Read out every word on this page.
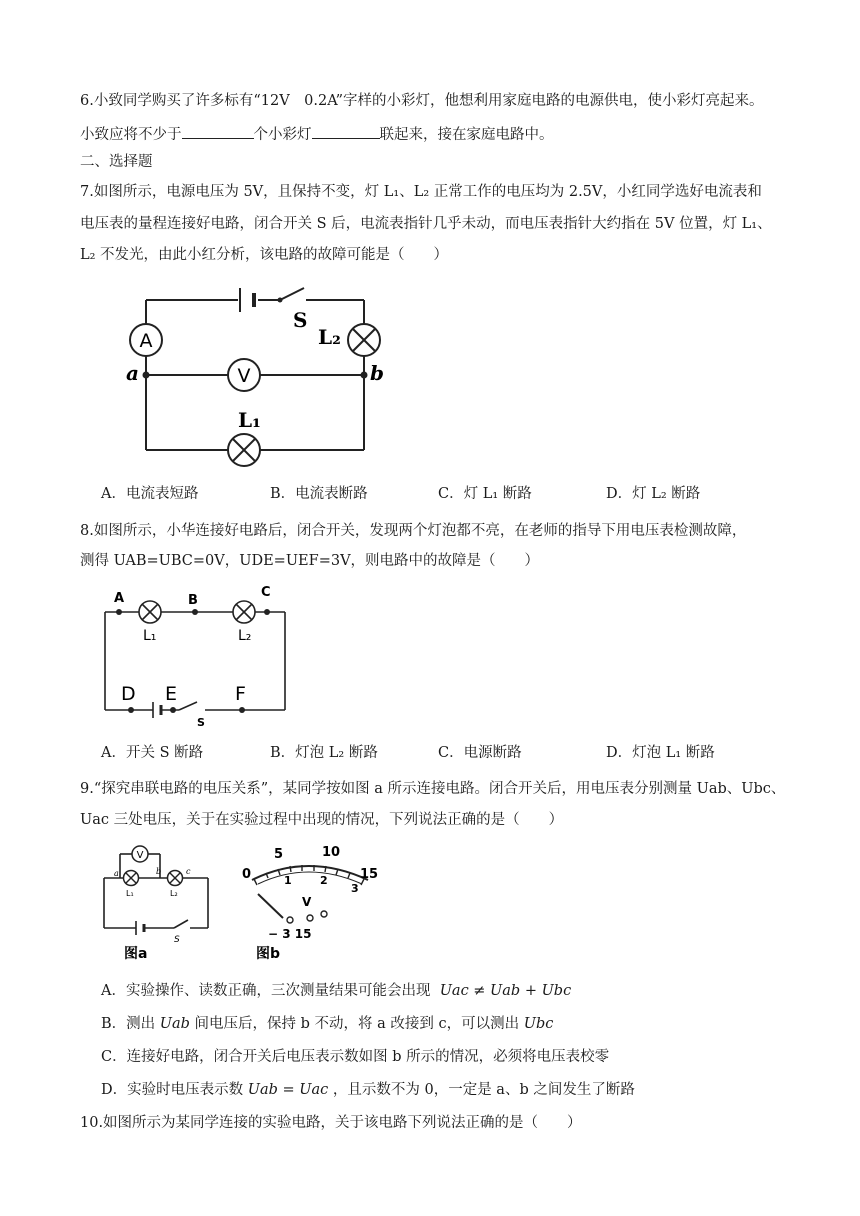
6.小致同学购买了许多标有“12V　0.2A”字样的小彩灯，他想利用家庭电路的电源供电，使小彩灯亮起来。
小致应将不少于	个小彩灯	联起来，接在家庭电路中。
二、选择题
7.如图所示，电源电压为 5V，且保持不变，灯 L₁、L₂ 正常工作的电压均为 2.5V，小红同学选好电流表和
电压表的量程连接好电路，闭合开关 S 后，电流表指针几乎未动，而电压表指针大约指在 5V 位置，灯 L₁、
L₂ 不发光，由此小红分析，该电路的故障可能是（　　）
A
V
S
L₂
L₁
a	b
A．电流表短路	B．电流表断路	C．灯 L₁ 断路	D．灯 L₂ 断路
8.如图所示，小华连接好电路后，闭合开关，发现两个灯泡都不亮，在老师的指导下用电压表检测故障，
测得 UAB=UBC=0V，UDE=UEF=3V，则电路中的故障是（　　）
A	B
C
L₁	L₂
D E	F
S
A．开关 S 断路	B．灯泡 L₂ 断路	C．电源断路	D．灯泡 L₁ 断路
9.“探究串联电路的电压关系”，某同学按如图 a 所示连接电路。闭合开关后，用电压表分别测量 Uab、Ubc、
Uac 三处电压，关于在实验过程中出现的情况，下列说法正确的是（　　）
V
a	b	c
L₁	L₂
S
图a
0
5	10
15
1	2
3
V
− 3 15
图b
A．实验操作、读数正确，三次测量结果可能会出现 Uac ≠ Uab + Ubc
B．测出 Uab 间电压后，保持 b 不动，将 a 改接到 c，可以测出 Ubc
C．连接好电路，闭合开关后电压表示数如图 b 所示的情况，必须将电压表校零
D．实验时电压表示数 Uab = Uac ，且示数不为 0，一定是 a、b 之间发生了断路
10.如图所示为某同学连接的实验电路，关于该电路下列说法正确的是（　　）
